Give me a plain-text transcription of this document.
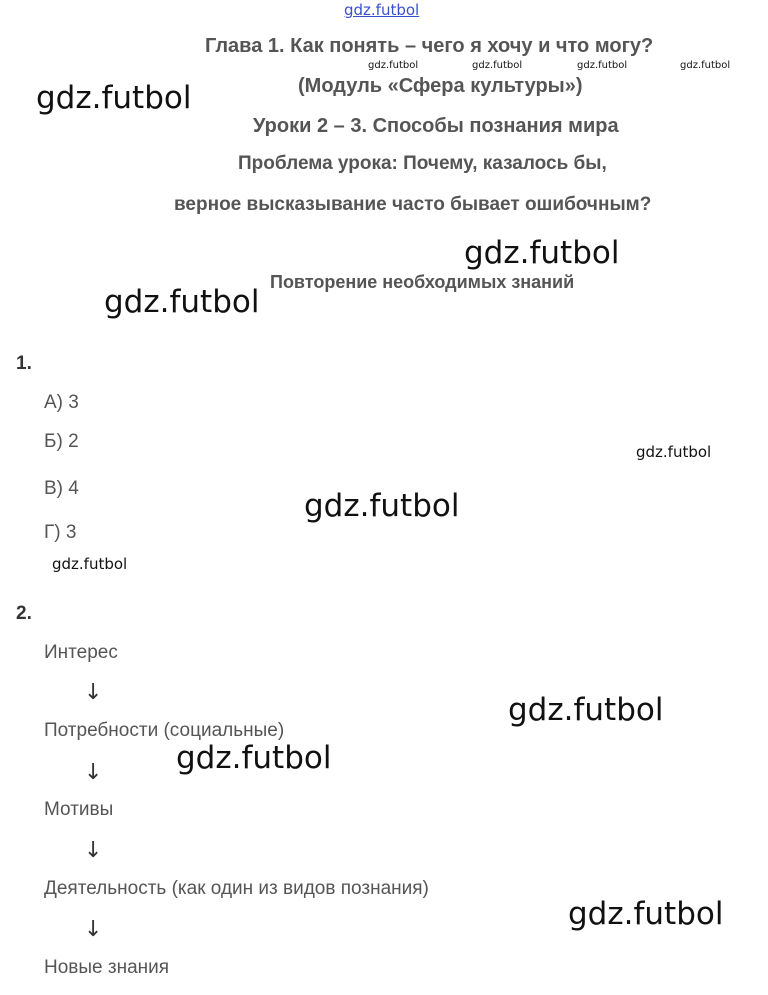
gdz.futbol
Глава 1. Как понять – чего я хочу и что могу?
gdz.futbol	gdz.futbol	gdz.futbol	gdz.futbol
(Модуль «Сфера культуры»)
gdz.futbol
Уроки 2 – 3. Способы познания мира
Проблема урока: Почему, казалось бы,
верное высказывание часто бывает ошибочным?
gdz.futbol
Повторение необходимых знаний
gdz.futbol
1.
А) 3
Б) 2
В) 4
Г) 3
gdz.futbol
gdz.futbol
gdz.futbol
2.
Интерес
↓
Потребности (социальные)
↓
Мотивы
↓
Деятельность (как один из видов познания)
↓
Новые знания
gdz.futbol
gdz.futbol
gdz.futbol
